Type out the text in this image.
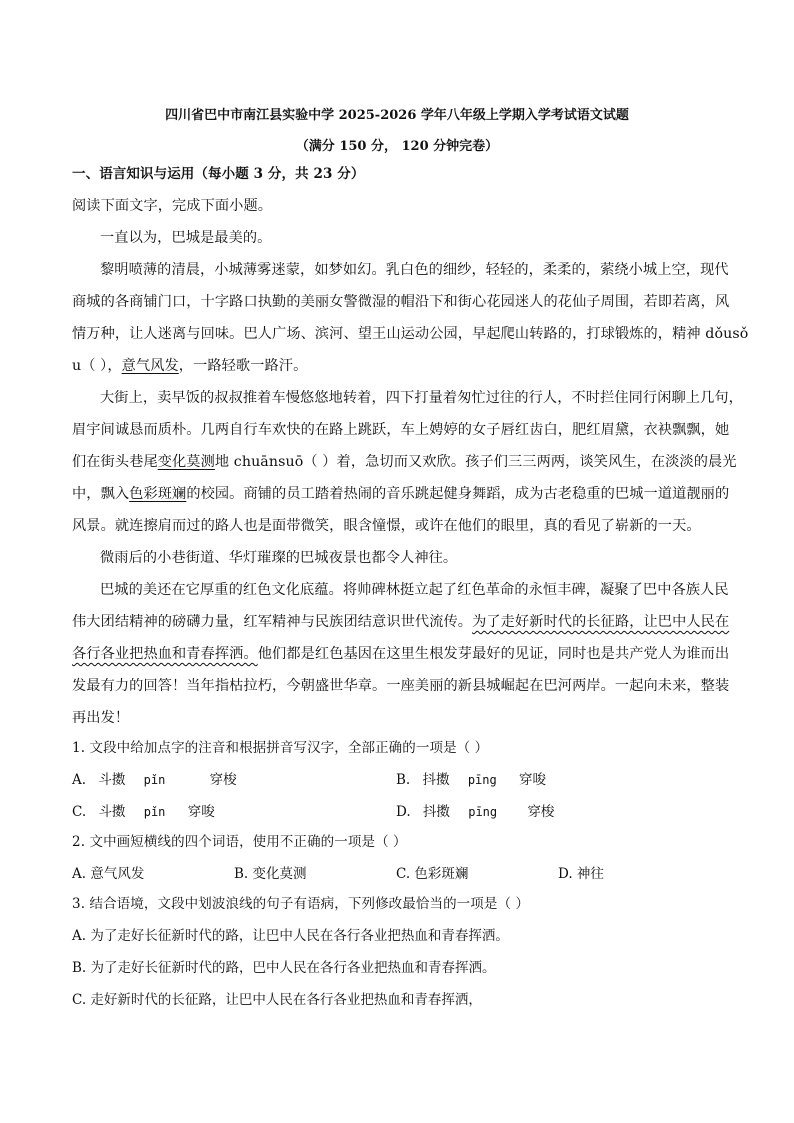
四川省巴中市南江县实验中学 2025-2026 学年八年级上学期入学考试语文试题
（满分 150 分， 120 分钟完卷）
一、语言知识与运用（每小题 3 分，共 23 分）
阅读下面文字，完成下面小题。
一直以为，巴城是最美的。
黎明喷薄的清晨，小城薄雾迷蒙，如梦如幻。乳白色的细纱，轻轻的，柔柔的，萦绕小城上空，现代
商城的各商铺门口，十字路口执勤的美丽女警微湿的帽沿下和街心花园迷人的花仙子周围，若即若离，风
情万种，让人迷离与回味。巴人广场、滨河、望王山运动公园，早起爬山转路的，打球锻炼的，精神 dǒusǒ
u（ ），意气风发，一路轻歌一路汗。
大街上，卖早饭的叔叔推着车慢悠悠地转着，四下打量着匆忙过往的行人，不时拦住同行闲聊上几句，
眉宇间诚恳而质朴。几两自行车欢快的在路上跳跃，车上娉婷的女子唇红齿白，肥红眉黛，衣袂飘飘，她
们在街头巷尾变化莫测地 chuānsuō（ ）着，急切而又欢欣。孩子们三三两两，谈笑风生，在淡淡的晨光
中，飘入色彩斑斓的校园。商铺的员工踏着热闹的音乐跳起健身舞蹈，成为古老稳重的巴城一道道靓丽的
风景。就连擦肩而过的路人也是面带微笑，眼含憧憬，或许在他们的眼里，真的看见了崭新的一天。
微雨后的小巷街道、华灯璀璨的巴城夜景也都令人神往。
巴城的美还在它厚重的红色文化底蕴。将帅碑林挺立起了红色革命的永恒丰碑，凝聚了巴中各族人民
伟大团结精神的磅礴力量，红军精神与民族团结意识世代流传。为了走好新时代的长征路，让巴中人民在
各行各业把热血和青春挥洒。他们都是红色基因在这里生根发芽最好的见证，同时也是共产党人为谁而出
发最有力的回答！当年指枯拉朽，今朝盛世华章。一座美丽的新县城崛起在巴河两岸。一起向未来，整装
再出发！
1. 文段中给加点字的注音和根据拼音写汉字，全部正确的一项是（ ）
A. 斗擞 pǐn	穿梭	B. 抖擞 pīng 穿唆
C. 斗擞 pǐn 穿唆	D. 抖擞 pīng 穿梭
2. 文中画短横线的四个词语，使用不正确的一项是（ ）
A. 意气风发	B. 变化莫测	C. 色彩斑斓	D. 神往
3. 结合语境，文段中划波浪线的句子有语病，下列修改最恰当的一项是（ ）
A. 为了走好长征新时代的路，让巴中人民在各行各业把热血和青春挥洒。
B. 为了走好长征新时代的路，巴中人民在各行各业把热血和青春挥洒。
C. 走好新时代的长征路，让巴中人民在各行各业把热血和青春挥洒，
